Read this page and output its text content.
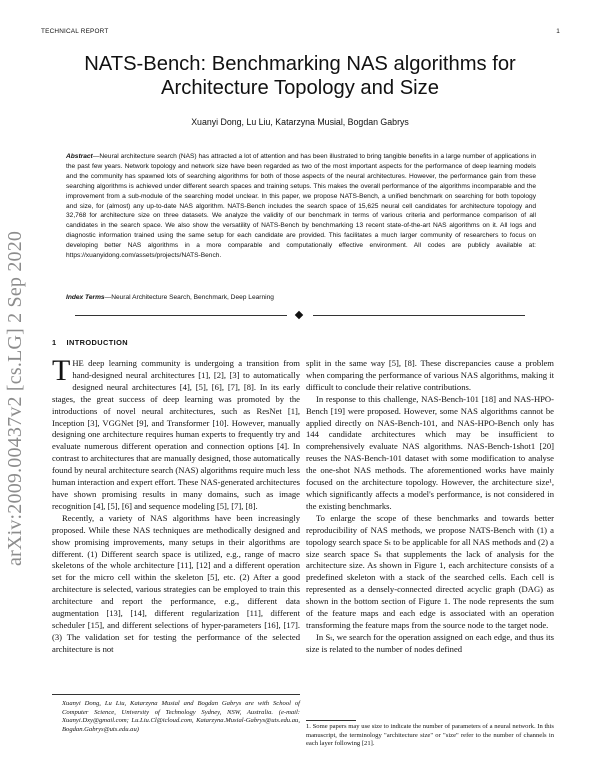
TECHNICAL REPORT	1
arXiv:2009.00437v2 [cs.LG] 2 Sep 2020
NATS-Bench: Benchmarking NAS algorithms for Architecture Topology and Size
Xuanyi Dong, Lu Liu, Katarzyna Musial, Bogdan Gabrys
Abstract—Neural architecture search (NAS) has attracted a lot of attention and has been illustrated to bring tangible benefits in a large number of applications in the past few years. Network topology and network size have been regarded as two of the most important aspects for the performance of deep learning models and the community has spawned lots of searching algorithms for both of those aspects of the neural architectures. However, the performance gain from these searching algorithms is achieved under different search spaces and training setups. This makes the overall performance of the algorithms incomparable and the improvement from a sub-module of the searching model unclear. In this paper, we propose NATS-Bench, a unified benchmark on searching for both topology and size, for (almost) any up-to-date NAS algorithm. NATS-Bench includes the search space of 15,625 neural cell candidates for architecture topology and 32,768 for architecture size on three datasets. We analyze the validity of our benchmark in terms of various criteria and performance comparison of all candidates in the search space. We also show the versatility of NATS-Bench by benchmarking 13 recent state-of-the-art NAS algorithms on it. All logs and diagnostic information trained using the same setup for each candidate are provided. This facilitates a much larger community of researchers to focus on developing better NAS algorithms in a more comparable and computationally effective environment. All codes are publicly available at: https://xuanyidong.com/assets/projects/NATS-Bench.
Index Terms—Neural Architecture Search, Benchmark, Deep Learning
1 INTRODUCTION

THE deep learning community is undergoing a transition from hand-designed neural architectures [1], [2], [3] to automatically designed neural architectures [4], [5], [6], [7], [8]. In its early stages, the great success of deep learning was promoted by the introductions of novel neural architectures, such as ResNet [1], Inception [3], VGGNet [9], and Transformer [10]. However, manually designing one architecture requires human experts to frequently try and evaluate numerous different operation and connection options [4]. In contrast to architectures that are manually designed, those automatically found by neural architecture search (NAS) algorithms require much less human interaction and expert effort. These NAS-generated architectures have shown promising results in many domains, such as image recognition [4], [5], [6] and sequence modeling [5], [7], [8].

Recently, a variety of NAS algorithms have been increasingly proposed. While these NAS techniques are methodically designed and show promising improvements, many setups in their algorithms are different. (1) Different search space is utilized, e.g., range of macro skeletons of the whole architecture [11], [12] and a different operation set for the micro cell within the skeleton [5], etc. (2) After a good architecture is selected, various strategies can be employed to train this architecture and report the performance, e.g., different data augmentation [13], [14], different regularization [11], different scheduler [15], and different selections of hyper-parameters [16], [17]. (3) The validation set for testing the performance of the selected architecture is not

split in the same way [5], [8]. These discrepancies cause a problem when comparing the performance of various NAS algorithms, making it difficult to conclude their relative contributions.

In response to this challenge, NAS-Bench-101 [18] and NAS-HPO-Bench [19] were proposed. However, some NAS algorithms cannot be applied directly on NAS-Bench-101, and NAS-HPO-Bench only has 144 candidate architectures which may be insufficient to comprehensively evaluate NAS algorithms. NAS-Bench-1shot1 [20] reuses the NAS-Bench-101 dataset with some modification to analyse the one-shot NAS methods. The aforementioned works have mainly focused on the architecture topology. However, the architecture size¹, which significantly affects a model's performance, is not considered in the existing benchmarks.

To enlarge the scope of these benchmarks and towards better reproducibility of NAS methods, we propose NATS-Bench with (1) a topology search space Sₜ to be applicable for all NAS methods and (2) a size search space Sₛ that supplements the lack of analysis for the architecture size. As shown in Figure 1, each architecture consists of a predefined skeleton with a stack of the searched cells. Each cell is represented as a densely-connected directed acyclic graph (DAG) as shown in the bottom section of Figure 1. The node represents the sum of the feature maps and each edge is associated with an operation transforming the feature maps from the source node to the target node.

In Sₜ, we search for the operation assigned on each edge, and thus its size is related to the number of nodes defined

Xuanyi Dong, Lu Liu, Katarzyna Musial and Bogdan Gabrys are with School of Computer Science, University of Technology Sydney, NSW, Australia. (e-mail: Xuanyi.Dxy@gmail.com; Lu.Liu.Cl@icloud.com, Katarzyna.Musial-Gabrys@uts.edu.au, Bogdan.Gabrys@uts.edu.au)	1. Some papers may use size to indicate the number of parameters of a neural network. In this manuscript, the terminology "architecture size" or "size" refer to the number of channels in each layer following [21].
